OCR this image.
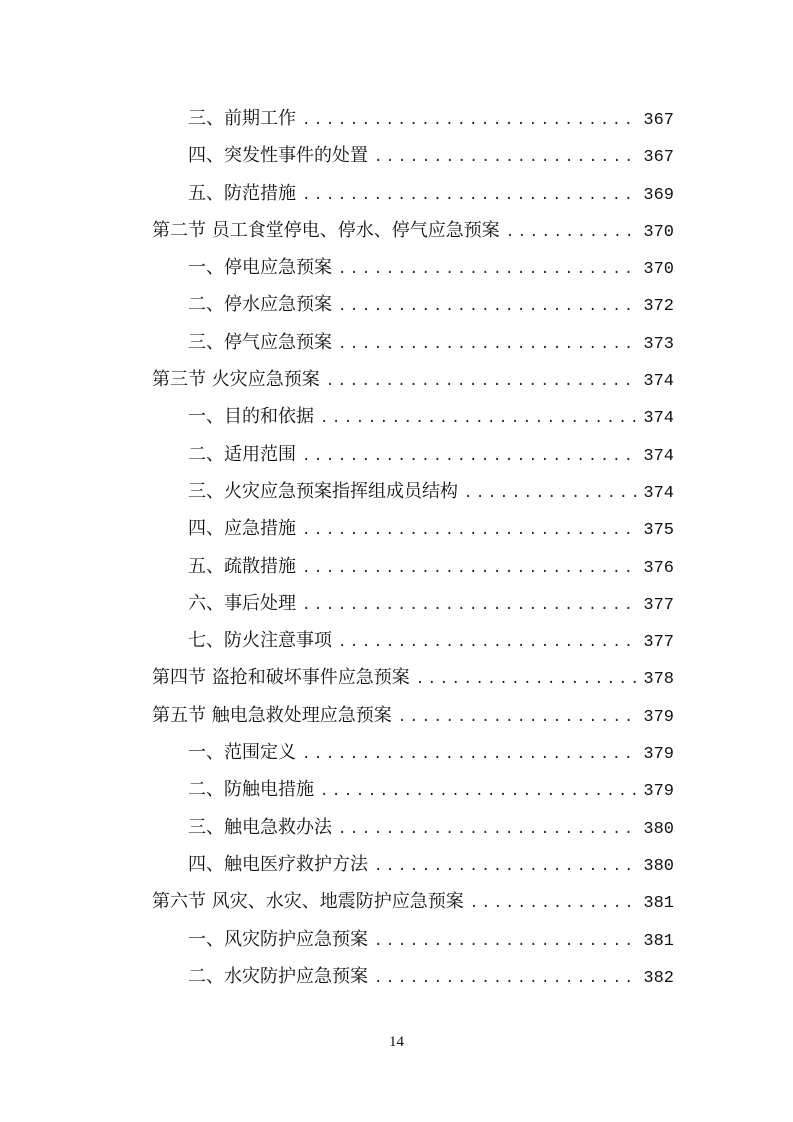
三、前期工作 .....	367
四、突发性事件的处置 .....	367
五、防范措施 .....	369
第二节 员工食堂停电、停水、停气应急预案 .....	370
一、停电应急预案 .....	370
二、停水应急预案 .....	372
三、停气应急预案 .....	373
第三节 火灾应急预案 .....	374
一、目的和依据 .....	374
二、适用范围 .....	374
三、火灾应急预案指挥组成员结构 .....	374
四、应急措施 .....	375
五、疏散措施 .....	376
六、事后处理 .....	377
七、防火注意事项 .....	377
第四节 盗抢和破坏事件应急预案 .....	378
第五节 触电急救处理应急预案 .....	379
一、范围定义 .....	379
二、防触电措施 .....	379
三、触电急救办法 .....	380
四、触电医疗救护方法 .....	380
第六节 风灾、水灾、地震防护应急预案 .....	381
一、风灾防护应急预案 .....	381
二、水灾防护应急预案 .....	382
14
